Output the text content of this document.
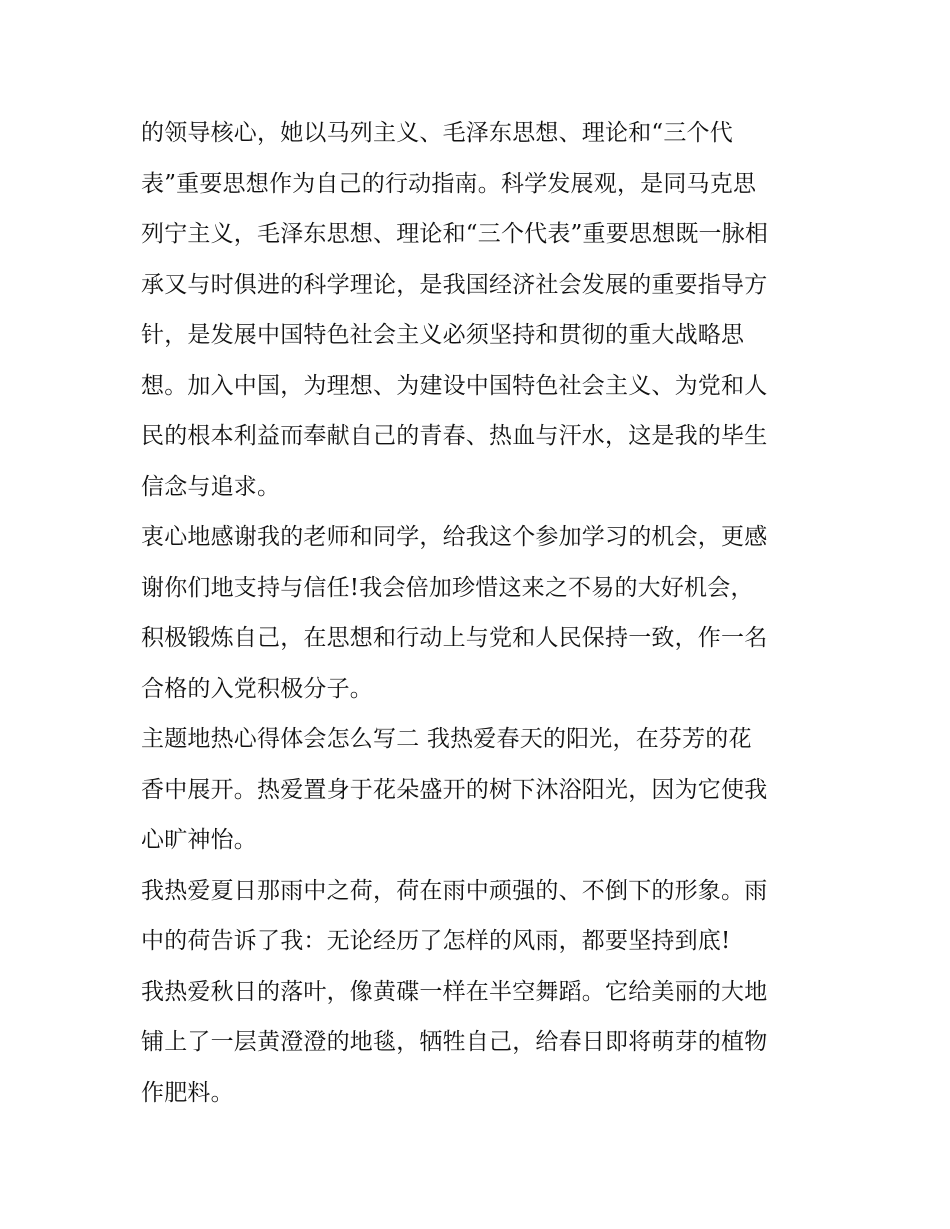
的领导核心，她以马列主义、毛泽东思想、理论和“三个代
表”重要思想作为自己的行动指南。科学发展观，是同马克思
列宁主义，毛泽东思想、理论和“三个代表”重要思想既一脉相
承又与时俱进的科学理论，是我国经济社会发展的重要指导方
针，是发展中国特色社会主义必须坚持和贯彻的重大战略思
想。加入中国，为理想、为建设中国特色社会主义、为党和人
民的根本利益而奉献自己的青春、热血与汗水，这是我的毕生
信念与追求。
衷心地感谢我的老师和同学，给我这个参加学习的机会，更感
谢你们地支持与信任!我会倍加珍惜这来之不易的大好机会，
积极锻炼自己，在思想和行动上与党和人民保持一致，作一名
合格的入党积极分子。
主题地热心得体会怎么写二 我热爱春天的阳光，在芬芳的花
香中展开。热爱置身于花朵盛开的树下沐浴阳光，因为它使我
心旷神怡。
我热爱夏日那雨中之荷，荷在雨中顽强的、不倒下的形象。雨
中的荷告诉了我：无论经历了怎样的风雨，都要坚持到底!
我热爱秋日的落叶，像黄碟一样在半空舞蹈。它给美丽的大地
铺上了一层黄澄澄的地毯，牺牲自己，给春日即将萌芽的植物
作肥料。
